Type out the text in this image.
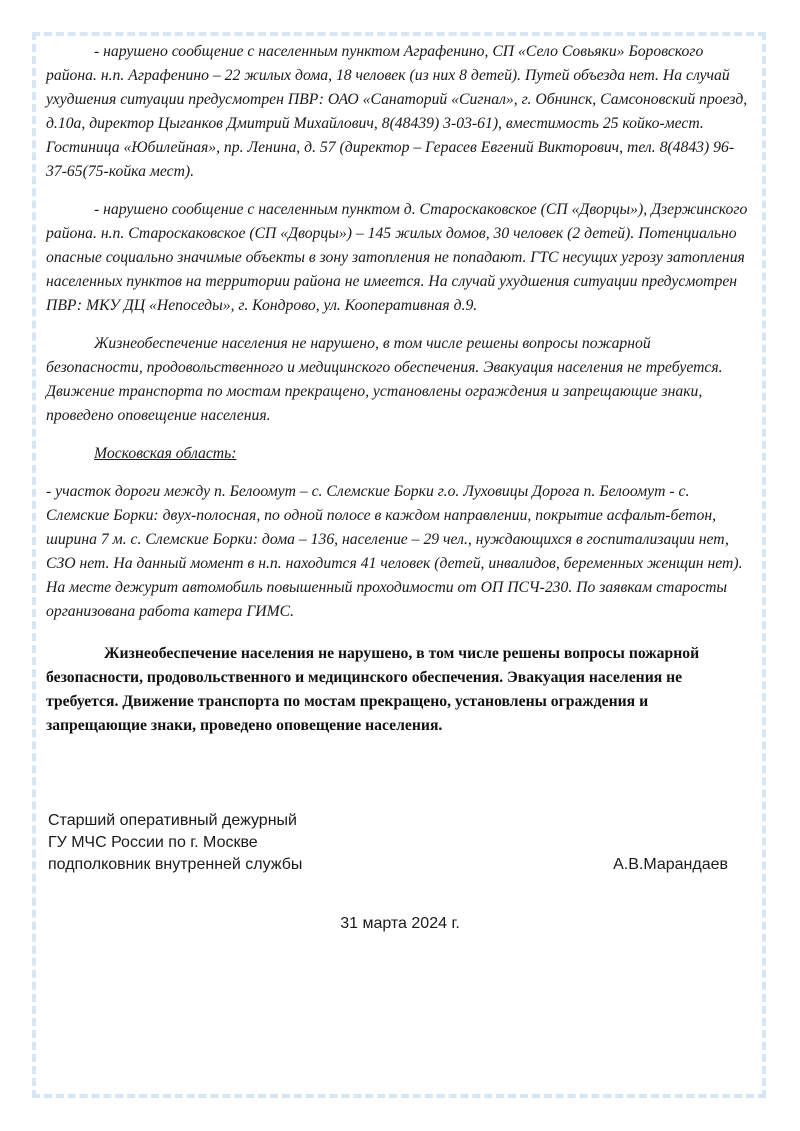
- нарушено сообщение с населенным пунктом Аграфенино, СП «Село Совьяки» Боровского района. н.п. Аграфенино – 22 жилых дома, 18 человек (из них 8 детей). Путей объезда нет. На случай ухудшения ситуации предусмотрен ПВР: ОАО «Санаторий «Сигнал», г. Обнинск, Самсоновский проезд, д.10а, директор Цыганков Дмитрий Михайлович, 8(48439) 3-03-61), вместимость 25 койко-мест. Гостиница «Юбилейная», пр. Ленина, д. 57 (директор – Герасев Евгений Викторович, тел. 8(4843) 96-37-65(75-койка мест).

- нарушено сообщение с населенным пунктом д. Староскаковское (СП «Дворцы»), Дзержинского района. н.п. Староскаковское (СП «Дворцы») – 145 жилых домов, 30 человек (2 детей). Потенциально опасные социально значимые объекты в зону затопления не попадают. ГТС несущих угрозу затопления населенных пунктов на территории района не имеется. На случай ухудшения ситуации предусмотрен ПВР: МКУ ДЦ «Непоседы», г. Кондрово, ул. Кооперативная д.9.

Жизнеобеспечение населения не нарушено, в том числе решены вопросы пожарной безопасности, продовольственного и медицинского обеспечения. Эвакуация населения не требуется. Движение транспорта по мостам прекращено, установлены ограждения и запрещающие знаки, проведено оповещение населения.

Московская область:

- участок дороги между п. Белоомут – с. Слемские Борки г.о. Луховицы Дорога п. Белоомут - с. Слемские Борки: двух-полосная, по одной полосе в каждом направлении, покрытие асфальт-бетон, ширина 7 м. с. Слемские Борки: дома – 136, население – 29 чел., нуждающихся в госпитализации нет, СЗО нет. На данный момент в н.п. находится 41 человек (детей, инвалидов, беременных женщин нет). На месте дежурит автомобиль повышенный проходимости от ОП ПСЧ-230. По заявкам старосты организована работа катера ГИМС.

Жизнеобеспечение населения не нарушено, в том числе решены вопросы пожарной безопасности, продовольственного и медицинского обеспечения. Эвакуация населения не требуется. Движение транспорта по мостам прекращено, установлены ограждения и запрещающие знаки, проведено оповещение населения.

Старший оперативный дежурный
ГУ МЧС России по г. Москве
подполковник внутренней службы	А.В.Марандаев
31 марта 2024 г.
